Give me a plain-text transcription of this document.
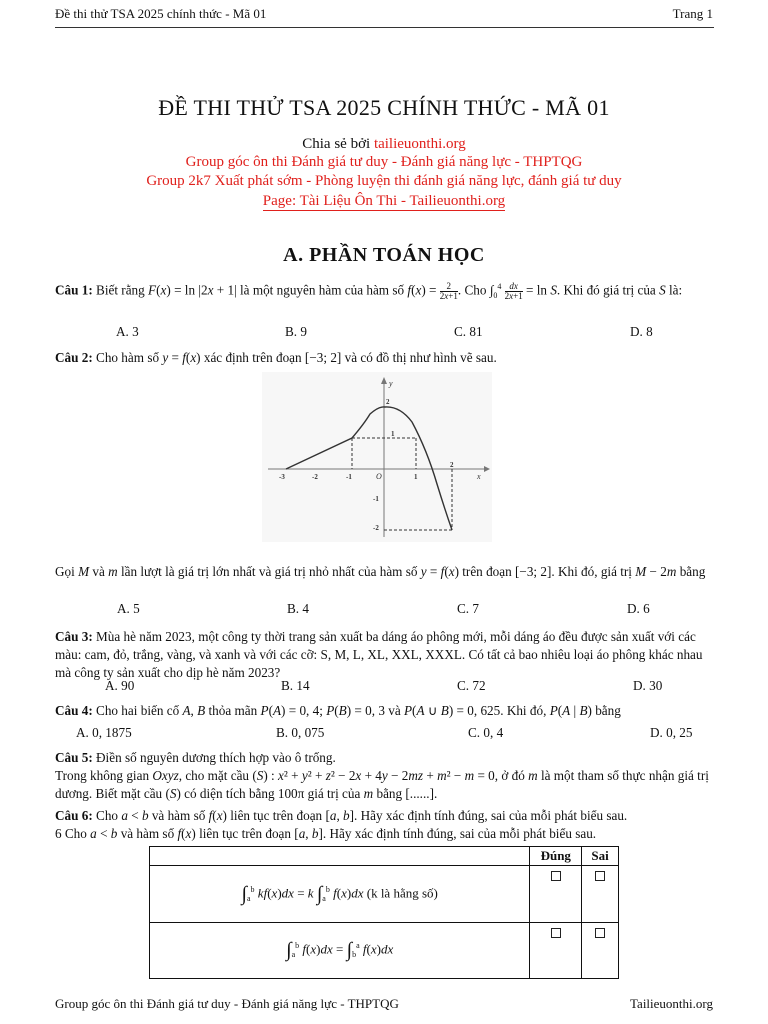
Đề thi thử TSA 2025 chính thức - Mã 01	Trang 1
ĐỀ THI THỬ TSA 2025 CHÍNH THỨC - MÃ 01
Chia sẻ bởi tailieuonthi.org
Group góc ôn thi Đánh giá tư duy - Đánh giá năng lực - THPTQG
Group 2k7 Xuất phát sớm - Phòng luyện thi đánh giá năng lực, đánh giá tư duy
Page: Tài Liệu Ôn Thi - Tailieuonthi.org
A. PHẦN TOÁN HỌC
Câu 1: Biết rằng F(x) = ln |2x + 1| là một nguyên hàm của hàm số $f(x) = \frac{2}{2x+1}$ . Cho $\int_0^4 \frac{dx}{2x+1} = \ln S$. Khi đó giá trị của S là:
A. 3	B. 9	C. 81	D. 8
Câu 2: Cho hàm số y = f(x) xác định trên đoạn [−3; 2] và có đồ thị như hình vẽ sau.
y
x
O
-3	-2	-1	1
2
2
1
-1
-2
Gọi M và m lần lượt là giá trị lớn nhất và giá trị nhỏ nhất của hàm số y = f(x) trên đoạn [−3; 2]. Khi đó, giá trị M − 2m bằng
A. 5	B. 4	C. 7	D. 6
Câu 3: Mùa hè năm 2023, một công ty thời trang sản xuất ba dáng áo phông mới, mỗi dáng áo đều được sản xuất với các màu: cam, đỏ, trắng, vàng, và xanh và với các cỡ: S, M, L, XL, XXL, XXXL. Có tất cả bao nhiêu loại áo phông khác nhau mà công ty sản xuất cho dịp hè năm 2023?
A. 90	B. 14	C. 72	D. 30
Câu 4: Cho hai biến cố A, B thỏa mãn P(A) = 0, 4; P(B) = 0, 3 và P(A ∪ B) = 0, 625. Khi đó, P(A | B) bằng
A. 0, 1875	B. 0, 075	C. 0, 4	D. 0, 25
Câu 5: Điền số nguyên dương thích hợp vào ô trống.
Trong không gian Oxyz, cho mặt cầu (S) : x² + y² + z² − 2x + 4y − 2mz + m² − m = 0, ở đó m là một tham số thực nhận giá trị dương. Biết mặt cầu (S) có diện tích bằng 100π giá trị của m bằng [......].
Câu 6: Cho a < b và hàm số f(x) liên tục trên đoạn [a, b]. Hãy xác định tính đúng, sai của mỗi phát biểu sau.
6 Cho a < b và hàm số f(x) liên tục trên đoạn [a, b]. Hãy xác định tính đúng, sai của mỗi phát biểu sau.
	Đúng	Sai
$\int_a^b$ kf(x)dx = k $\int_a^b$ f(x)dx (k là hằng số)		
$\int_a^b$ $f(x)dx = \int_b^a$ f(x)dx		
Group góc ôn thi Đánh giá tư duy - Đánh giá năng lực - THPTQG	Tailieuonthi.org
